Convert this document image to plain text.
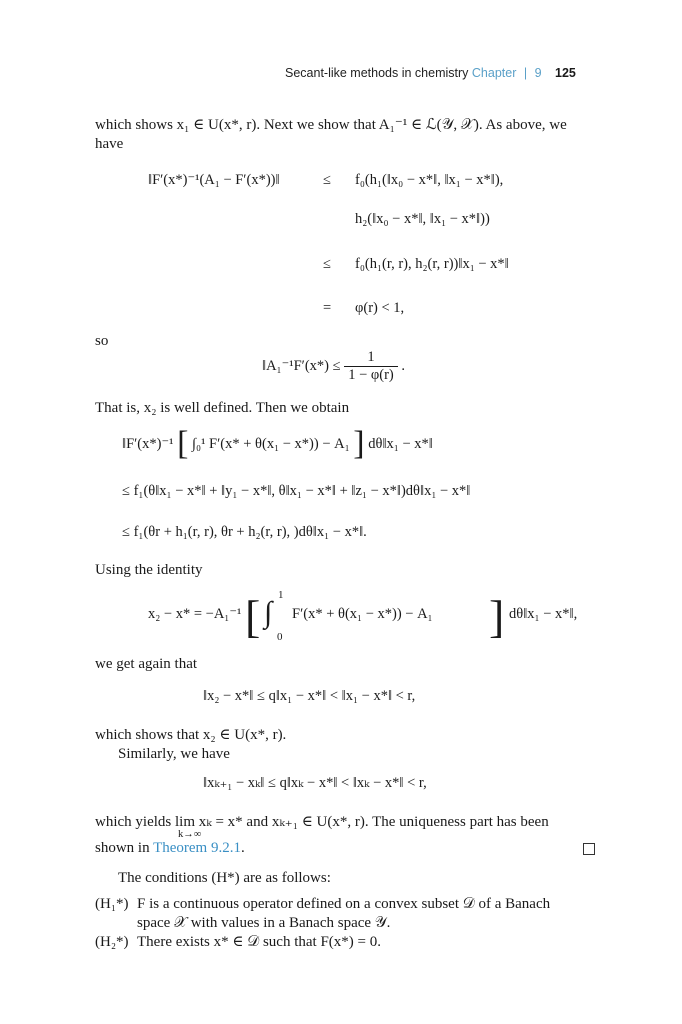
Secant-like methods in chemistry Chapter | 9 125
which shows x₁ ∈ U(x*, r). Next we show that A₁⁻¹ ∈ ℒ(𝒴, 𝒳). As above, we
have
‖F′(x*)⁻¹(A₁ − F′(x*))‖	≤ f₀(h₁(‖x₀ − x*‖, ‖x₁ − x*‖),
h₂(‖x₀ − x*‖, ‖x₁ − x*‖))
≤ f₀(h₁(r, r), h₂(r, r))‖x₁ − x*‖
= φ(r) < 1,
so
‖A₁⁻¹F′(x*) ≤ $\frac{1}{1 - \varphi(r)}$ .
That is, x₂ is well defined. Then we obtain
‖F′(x*)⁻¹ [ ∫₀¹ F′(x* + θ(x₁ − x*)) − A₁ ] dθ‖x₁ − x*‖
≤ f₁(θ‖x₁ − x*‖ + ‖y₁ − x*‖, θ‖x₁ − x*‖ + ‖z₁ − x*‖)dθ‖x₁ − x*‖
≤ f₁(θr + h₁(r, r), θr + h₂(r, r), )dθ‖x₁ − x*‖.
Using the identity
x₂ − x* = −A₁⁻¹ [ ∫
1
0
F′(x* + θ(x₁ − x*)) − A₁ ] dθ‖x₁ − x*‖,
we get again that
‖x₂ − x*‖ ≤ q‖x₁ − x*‖ < ‖x₁ − x*‖ < r,
which shows that x₂ ∈ U(x*, r).
Similarly, we have
‖xₖ₊₁ − xₖ‖ ≤ q‖xₖ − x*‖ < ‖xₖ − x*‖ < r,
which yields lim xₖ = x* and xₖ₊₁ ∈ U(x*, r). The uniqueness part has been
k→∞
shown in Theorem 9.2.1.
The conditions (H*) are as follows:
(H₁*) F is a continuous operator defined on a convex subset 𝒟 of a Banach
space 𝒳 with values in a Banach space 𝒴.
(H₂*) There exists x* ∈ 𝒟 such that F(x*) = 0.
